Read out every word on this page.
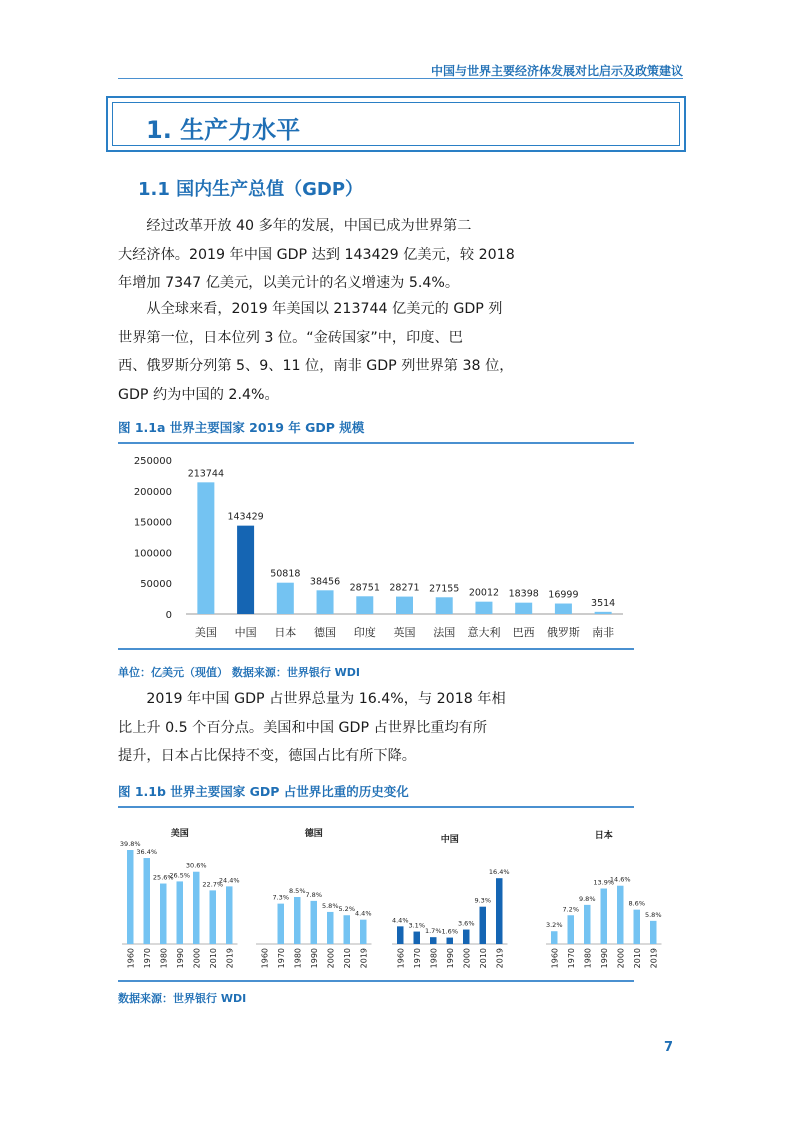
中国与世界主要经济体发展对比启示及政策建议
1. 生产力水平
1.1 国内生产总值（GDP）
经过改革开放 40 多年的发展，中国已成为世界第二
大经济体。2019 年中国 GDP 达到 143429 亿美元，较 2018
年增加 7347 亿美元，以美元计的名义增速为 5.4%。
从全球来看，2019 年美国以 213744 亿美元的 GDP 列
世界第一位，日本位列 3 位。“金砖国家”中，印度、巴
西、俄罗斯分列第 5、9、11 位，南非 GDP 列世界第 38 位，
GDP 约为中国的 2.4%。
图 1.1a 世界主要国家 2019 年 GDP 规模
0
50000
100000
150000
200000
250000
213744
美国
143429
中国
50818
日本
38456
德国
28751
印度
28271
英国
27155
法国
20012
意大利
18398
巴西
16999
俄罗斯
3514
南非
单位：亿美元（现值） 数据来源：世界银行 WDI
2019 年中国 GDP 占世界总量为 16.4%，与 2018 年相
比上升 0.5 个百分点。美国和中国 GDP 占世界比重均有所
提升，日本占比保持不变，德国占比有所下降。
图 1.1b 世界主要国家 GDP 占世界比重的历史变化
美国
39.8%
1960
36.4%
1970
25.6%
1980
26.5%
1990
30.6%
2000
22.7%
2010
24.4%
2019
德国
1960
7.3%
1970
8.5%
1980
7.8%
1990
5.8%
2000
5.2%
2010
4.4%
2019
中国
4.4%
1960
3.1%
1970
1.7%
1980
1.6%
1990
3.6%
2000
9.3%
2010
16.4%
2019
日本
3.2%
1960
7.2%
1970
9.8%
1980
13.9%
1990
14.6%
2000
8.6%
2010
5.8%
2019
数据来源：世界银行 WDI
7
